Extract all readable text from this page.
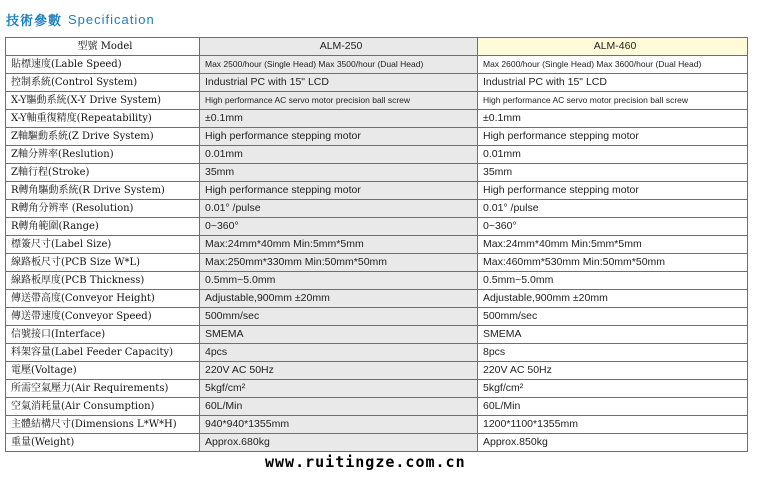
技術參數 Specification
型號 Model	ALM-250	ALM-460
貼標速度(Lable Speed)	Max 2500/hour (Single Head) Max 3500/hour (Dual Head)	Max 2600/hour (Single Head) Max 3600/hour (Dual Head)
控制系統(Control System)	Industrial PC with 15" LCD	Industrial PC with 15" LCD
X-Y驅動系統(X-Y Drive System)	High performance AC servo motor precision ball screw	High performance AC servo motor precision ball screw
X-Y軸重復精度(Repeatability)	±0.1mm	±0.1mm
Z軸驅動系統(Z Drive System)	High performance stepping motor	High performance stepping motor
Z軸分辨率(Reslution)	0.01mm	0.01mm
Z軸行程(Stroke)	35mm	35mm
R轉角驅動系統(R Drive System)	High performance stepping motor	High performance stepping motor
R轉角分辨率 (Resolution)	0.01° /pulse	0.01° /pulse
R轉角範圍(Range)	0~360°	0~360°
標簽尺寸(Label Size)	Max:24mm*40mm Min:5mm*5mm	Max:24mm*40mm Min:5mm*5mm
線路板尺寸(PCB Size W*L)	Max:250mm*330mm Min:50mm*50mm	Max:460mm*530mm Min:50mm*50mm
線路板厚度(PCB Thickness)	0.5mm~5.0mm	0.5mm~5.0mm
傳送帶高度(Conveyor Height)	Adjustable,900mm ±20mm	Adjustable,900mm ±20mm
傳送帶速度(Conveyor Speed)	500mm/sec	500mm/sec
信號接口(Interface)	SMEMA	SMEMA
料架容量(Label Feeder Capacity)	4pcs	8pcs
電壓(Voltage)	220V AC 50Hz	220V AC 50Hz
所需空氣壓力(Air Requirements)	5kgf/cm²	5kgf/cm²
空氣消耗量(Air Consumption)	60L/Min	60L/Min
主體結構尺寸(Dimensions L*W*H)	940*940*1355mm	1200*1100*1355mm
重量(Weight)	Approx.680kg	Approx.850kg
www.ruitingze.com.cn
